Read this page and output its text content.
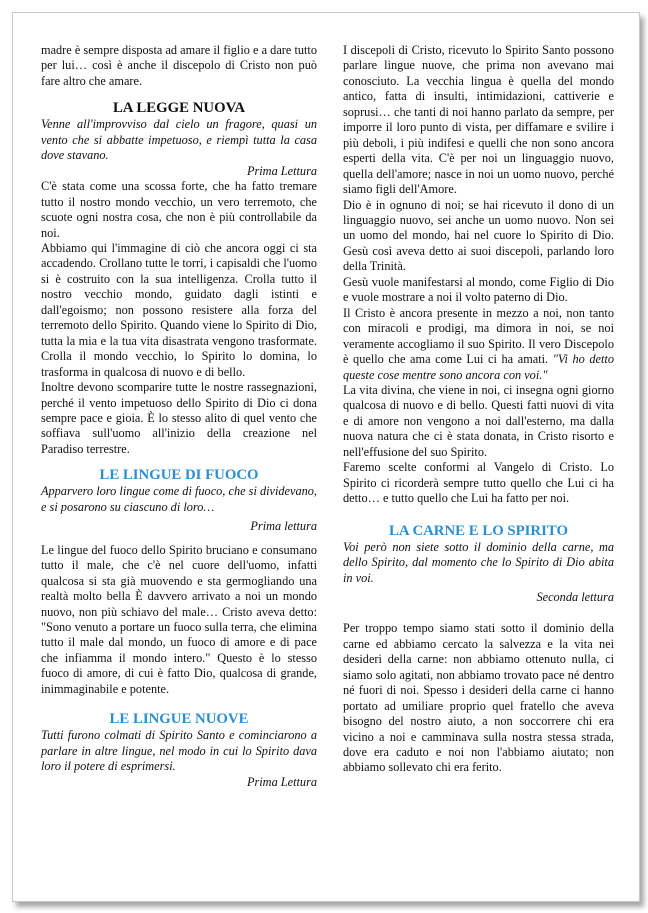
madre è sempre disposta ad amare il figlio e a dare tutto per lui… così è anche il discepolo di Cristo non può fare altro che amare.

LA LEGGE NUOVA

Venne all'improvviso dal cielo un fragore, quasi un vento che si abbatte impetuoso, e riempì tutta la casa dove stavano.

Prima Lettura

C'è stata come una scossa forte, che ha fatto tremare tutto il nostro mondo vecchio, un vero terremoto, che scuote ogni nostra cosa, che non è più controllabile da noi.

Abbiamo qui l'immagine di ciò che ancora oggi ci sta accadendo. Crollano tutte le torri, i capisaldi che l'uomo si è costruito con la sua intelligenza. Crolla tutto il nostro vecchio mondo, guidato dagli istinti e dall'egoismo; non possono resistere alla forza del terremoto dello Spirito. Quando viene lo Spirito di Dio, tutta la mia e la tua vita disastrata vengono trasformate. Crolla il mondo vecchio, lo Spirito lo domina, lo trasforma in qualcosa di nuovo e di bello.

Inoltre devono scomparire tutte le nostre rassegnazioni, perché il vento impetuoso dello Spirito di Dio ci dona sempre pace e gioia. È lo stesso alito di quel vento che soffiava sull'uomo all'inizio della creazione nel Paradiso terrestre.

LE LINGUE DI FUOCO

Apparvero loro lingue come di fuoco, che si dividevano, e si posarono su ciascuno di loro…

Prima lettura

Le lingue del fuoco dello Spirito bruciano e consumano tutto il male, che c'è nel cuore dell'uomo, infatti qualcosa si sta già muovendo e sta germogliando una realtà molto bella È davvero arrivato a noi un mondo nuovo, non più schiavo del male… Cristo aveva detto: "Sono venuto a portare un fuoco sulla terra, che elimina tutto il male dal mondo, un fuoco di amore e di pace che infiamma il mondo intero." Questo è lo stesso fuoco di amore, di cui è fatto Dio, qualcosa di grande, inimmaginabile e potente.

LE LINGUE NUOVE

Tutti furono colmati di Spirito Santo e cominciarono a parlare in altre lingue, nel modo in cui lo Spirito dava loro il potere di esprimersi.

Prima Lettura

I discepoli di Cristo, ricevuto lo Spirito Santo possono parlare lingue nuove, che prima non avevano mai conosciuto. La vecchia lingua è quella del mondo antico, fatta di insulti, intimidazioni, cattiverie e soprusi… che tanti di noi hanno parlato da sempre, per imporre il loro punto di vista, per diffamare e svilire i più deboli, i più indifesi e quelli che non sono ancora esperti della vita. C'è per noi un linguaggio nuovo, quella dell'amore; nasce in noi un uomo nuovo, perché siamo figli dell'Amore.

Dio è in ognuno di noi; se hai ricevuto il dono di un linguaggio nuovo, sei anche un uomo nuovo. Non sei un uomo del mondo, hai nel cuore lo Spirito di Dio. Gesù così aveva detto ai suoi discepoli, parlando loro della Trinità.

Gesù vuole manifestarsi al mondo, come Figlio di Dio e vuole mostrare a noi il volto paterno di Dio.

Il Cristo è ancora presente in mezzo a noi, non tanto con miracoli e prodigi, ma dimora in noi, se noi veramente accogliamo il suo Spirito. Il vero Discepolo è quello che ama come Lui ci ha amati. "Vi ho detto queste cose mentre sono ancora con voi."

La vita divina, che viene in noi, ci insegna ogni giorno qualcosa di nuovo e di bello. Questi fatti nuovi di vita e di amore non vengono a noi dall'esterno, ma dalla nuova natura che ci è stata donata, in Cristo risorto e nell'effusione del suo Spirito.

Faremo scelte conformi al Vangelo di Cristo. Lo Spirito ci ricorderà sempre tutto quello che Lui ci ha detto… e tutto quello che Lui ha fatto per noi.

LA CARNE E LO SPIRITO

Voi però non siete sotto il dominio della carne, ma dello Spirito, dal momento che lo Spirito di Dio abita in voi.

Seconda lettura

Per troppo tempo siamo stati sotto il dominio della carne ed abbiamo cercato la salvezza e la vita nei desideri della carne: non abbiamo ottenuto nulla, ci siamo solo agitati, non abbiamo trovato pace né dentro né fuori di noi. Spesso i desideri della carne ci hanno portato ad umiliare proprio quel fratello che aveva bisogno del nostro aiuto, a non soccorrere chi era vicino a noi e camminava sulla nostra stessa strada, dove era caduto e noi non l'abbiamo aiutato; non abbiamo sollevato chi era ferito.
